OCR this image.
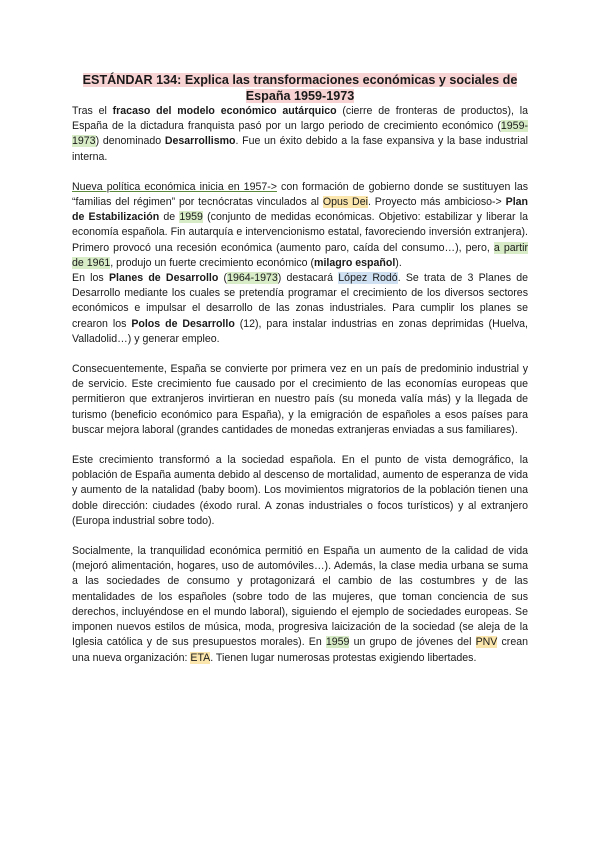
ESTÁNDAR 134: Explica las transformaciones económicas y sociales de
España 1959-1973

Tras el fracaso del modelo económico autárquico (cierre de fronteras de productos), la España de la dictadura franquista pasó por un largo periodo de crecimiento económico (1959-1973) denominado Desarrollismo. Fue un éxito debido a la fase expansiva y la base industrial interna.

Nueva política económica inicia en 1957-> con formación de gobierno donde se sustituyen las “familias del régimen” por tecnócratas vinculados al Opus Dei. Proyecto más ambicioso-> Plan de Estabilización de 1959 (conjunto de medidas económicas. Objetivo: estabilizar y liberar la economía española. Fin autarquía e intervencionismo estatal, favoreciendo inversión extranjera). Primero provocó una recesión económica (aumento paro, caída del consumo…), pero, a partir de 1961, produjo un fuerte crecimiento económico (milagro español).

En los Planes de Desarrollo (1964-1973) destacará López Rodó. Se trata de 3 Planes de Desarrollo mediante los cuales se pretendía programar el crecimiento de los diversos sectores económicos e impulsar el desarrollo de las zonas industriales. Para cumplir los planes se crearon los Polos de Desarrollo (12), para instalar industrias en zonas deprimidas (Huelva, Valladolid…) y generar empleo.

Consecuentemente, España se convierte por primera vez en un país de predominio industrial y de servicio. Este crecimiento fue causado por el crecimiento de las economías europeas que permitieron que extranjeros invirtieran en nuestro país (su moneda valía más) y la llegada de turismo (beneficio económico para España), y la emigración de españoles a esos países para buscar mejora laboral (grandes cantidades de monedas extranjeras enviadas a sus familiares).

Este crecimiento transformó a la sociedad española. En el punto de vista demográfico, la población de España aumenta debido al descenso de mortalidad, aumento de esperanza de vida y aumento de la natalidad (baby boom). Los movimientos migratorios de la población tienen una doble dirección: ciudades (éxodo rural. A zonas industriales o focos turísticos) y al extranjero (Europa industrial sobre todo).

Socialmente, la tranquilidad económica permitió en España un aumento de la calidad de vida (mejoró alimentación, hogares, uso de automóviles…). Además, la clase media urbana se suma a las sociedades de consumo y protagonizará el cambio de las costumbres y de las mentalidades de los españoles (sobre todo de las mujeres, que toman conciencia de sus derechos, incluyéndose en el mundo laboral), siguiendo el ejemplo de sociedades europeas. Se imponen nuevos estilos de música, moda, progresiva laicización de la sociedad (se aleja de la Iglesia católica y de sus presupuestos morales). En 1959 un grupo de jóvenes del PNV crean una nueva organización: ETA. Tienen lugar numerosas protestas exigiendo libertades.
